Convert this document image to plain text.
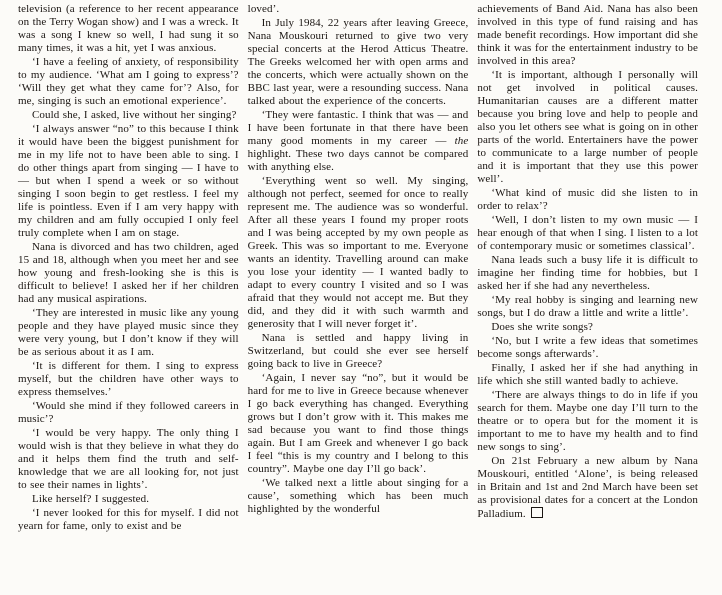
television (a reference to her recent appearance on the Terry Wogan show) and I was a wreck. It was a song I knew so well, I had sung it so many times, it was a hit, yet I was anxious.

‘I have a feeling of anxiety, of responsibility to my audience. ‘What am I going to express’? ‘Will they get what they came for’? Also, for me, singing is such an emotional experience’.

Could she, I asked, live without her singing?

‘I always answer “no” to this because I think it would have been the biggest punishment for me in my life not to have been able to sing. I do other things apart from singing — I have to — but when I spend a week or so without singing I soon begin to get restless. I feel my life is pointless. Even if I am very happy with my children and am fully occupied I only feel truly complete when I am on stage.

Nana is divorced and has two children, aged 15 and 18, although when you meet her and see how young and fresh-looking she is this is difficult to believe! I asked her if her children had any musical aspirations.

‘They are interested in music like any young people and they have played music since they were very young, but I don’t know if they will be as serious about it as I am.

‘It is different for them. I sing to express myself, but the children have other ways to express themselves.’

‘Would she mind if they followed careers in music’?

‘I would be very happy. The only thing I would wish is that they believe in what they do and it helps them find the truth and self-knowledge that we are all looking for, not just to see their names in lights’.

Like herself? I suggested.

‘I never looked for this for myself. I did not yearn for fame, only to exist and be

loved’.

In July 1984, 22 years after leaving Greece, Nana Mouskouri returned to give two very special concerts at the Herod Atticus Theatre. The Greeks welcomed her with open arms and the concerts, which were actually shown on the BBC last year, were a resounding success. Nana talked about the experience of the concerts.

‘They were fantastic. I think that was — and I have been fortunate in that there have been many good moments in my career — the highlight. These two days cannot be compared with anything else.

‘Everything went so well. My singing, although not perfect, seemed for once to really represent me. The audience was so wonderful. After all these years I found my proper roots and I was being accepted by my own people as Greek. This was so important to me. Everyone wants an identity. Travelling around can make you lose your identity — I wanted badly to adapt to every country I visited and so I was afraid that they would not accept me. But they did, and they did it with such warmth and generosity that I will never forget it’.

Nana is settled and happy living in Switzerland, but could she ever see herself going back to live in Greece?

‘Again, I never say “no”, but it would be hard for me to live in Greece because whenever I go back everything has changed. Everything grows but I don’t grow with it. This makes me sad because you want to find those things again. But I am Greek and whenever I go back I feel “this is my country and I belong to this country”. Maybe one day I’ll go back’.

‘We talked next a little about singing for a cause’, something which has been much highlighted by the wonderful

achievements of Band Aid. Nana has also been involved in this type of fund raising and has made benefit recordings. How important did she think it was for the entertainment industry to be involved in this area?

‘It is important, although I personally will not get involved in political causes. Humanitarian causes are a different matter because you bring love and help to people and also you let others see what is going on in other parts of the world. Entertainers have the power to communicate to a large number of people and it is important that they use this power well’.

‘What kind of music did she listen to in order to relax’?

‘Well, I don’t listen to my own music — I hear enough of that when I sing. I listen to a lot of contemporary music or sometimes classical’.

Nana leads such a busy life it is difficult to imagine her finding time for hobbies, but I asked her if she had any nevertheless.

‘My real hobby is singing and learning new songs, but I do draw a little and write a little’.

Does she write songs?

‘No, but I write a few ideas that sometimes become songs afterwards’.

Finally, I asked her if she had anything in life which she still wanted badly to achieve.

‘There are always things to do in life if you search for them. Maybe one day I’ll turn to the theatre or to opera but for the moment it is important to me to have my health and to find new songs to sing’.

On 21st February a new album by Nana Mouskouri, entitled ‘Alone’, is being released in Britain and 1st and 2nd March have been set as provisional dates for a concert at the London Palladium.
